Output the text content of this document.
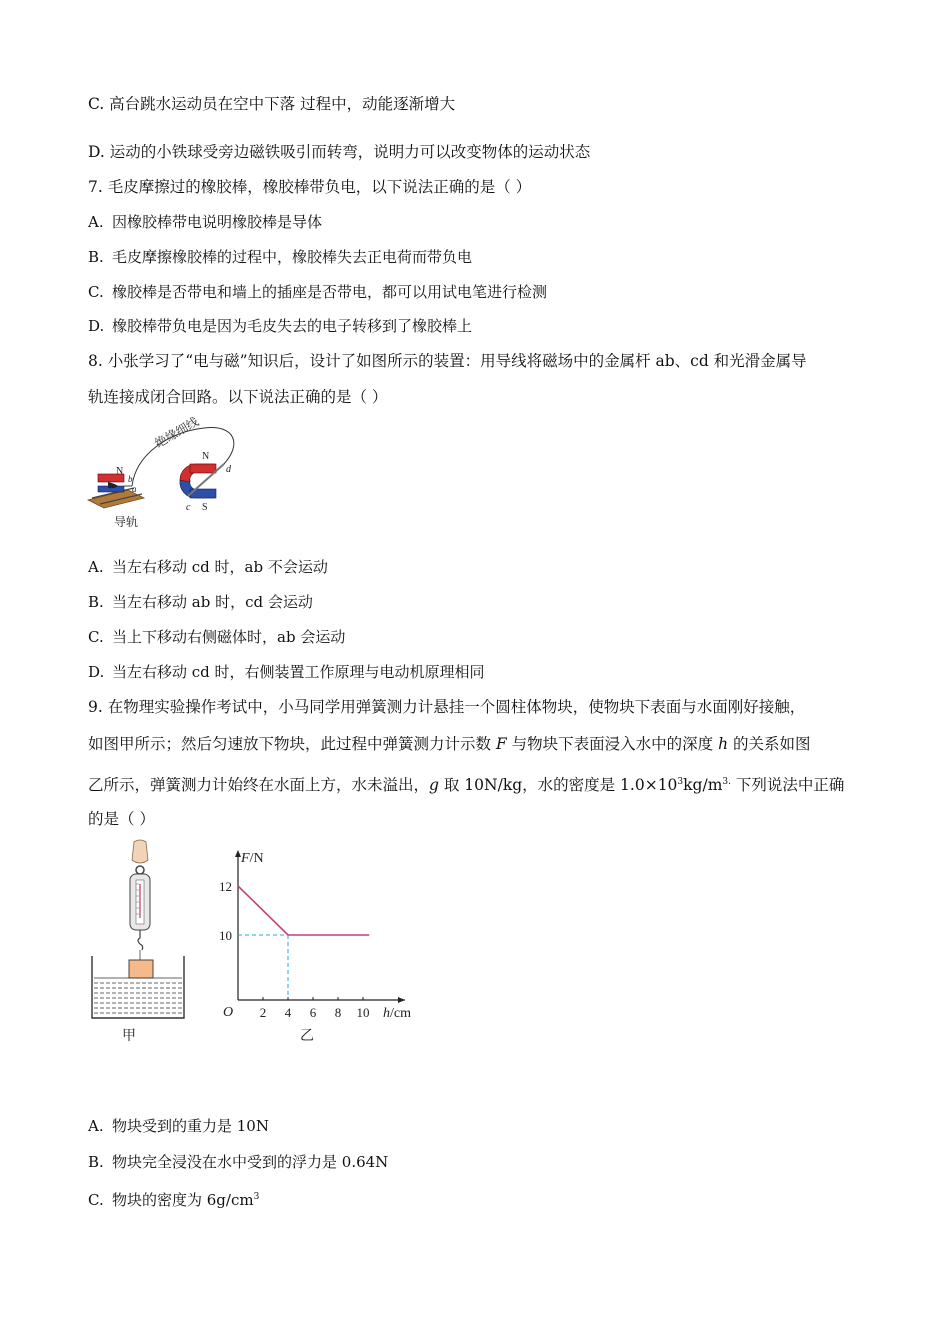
C. 高台跳水运动员在空中下落 过程中，动能逐渐增大
D. 运动的小铁球受旁边磁铁吸引而转弯，说明力可以改变物体的运动状态
7. 毛皮摩擦过的橡胶棒，橡胶棒带负电，以下说法正确的是（ ）
A. 因橡胶棒带电说明橡胶棒是导体
B. 毛皮摩擦橡胶棒的过程中，橡胶棒失去正电荷而带负电
C. 橡胶棒是否带电和墙上的插座是否带电，都可以用试电笔进行检测
D. 橡胶棒带负电是因为毛皮失去的电子转移到了橡胶棒上
8. 小张学习了“电与磁”知识后，设计了如图所示的装置：用导线将磁场中的金属杆 ab、cd 和光滑金属导
轨连接成闭合回路。以下说法正确的是（ ）
绝缘细线
N
b
a
导轨
N
S
d
c
A. 当左右移动 cd 时，ab 不会运动
B. 当左右移动 ab 时，cd 会运动
C. 当上下移动右侧磁体时，ab 会运动
D. 当左右移动 cd 时，右侧装置工作原理与电动机原理相同
9. 在物理实验操作考试中，小马同学用弹簧测力计悬挂一个圆柱体物块，使物块下表面与水面刚好接触，
如图甲所示；然后匀速放下物块，此过程中弹簧测力计示数 F 与物块下表面浸入水中的深度 h 的关系如图
乙所示，弹簧测力计始终在水面上方，水未溢出，g 取 10N/kg，水的密度是 $1.0\times 10^3kg/m^{3.}$ 下列说法中正确
的是（ ）
甲
2 4 6 8 10
10
12
F/N
h/cm
O
乙
A. 物块受到的重力是 10N
B. 物块完全浸没在水中受到的浮力是 0.64N
C. 物块的密度为 $6g/cm^3$
